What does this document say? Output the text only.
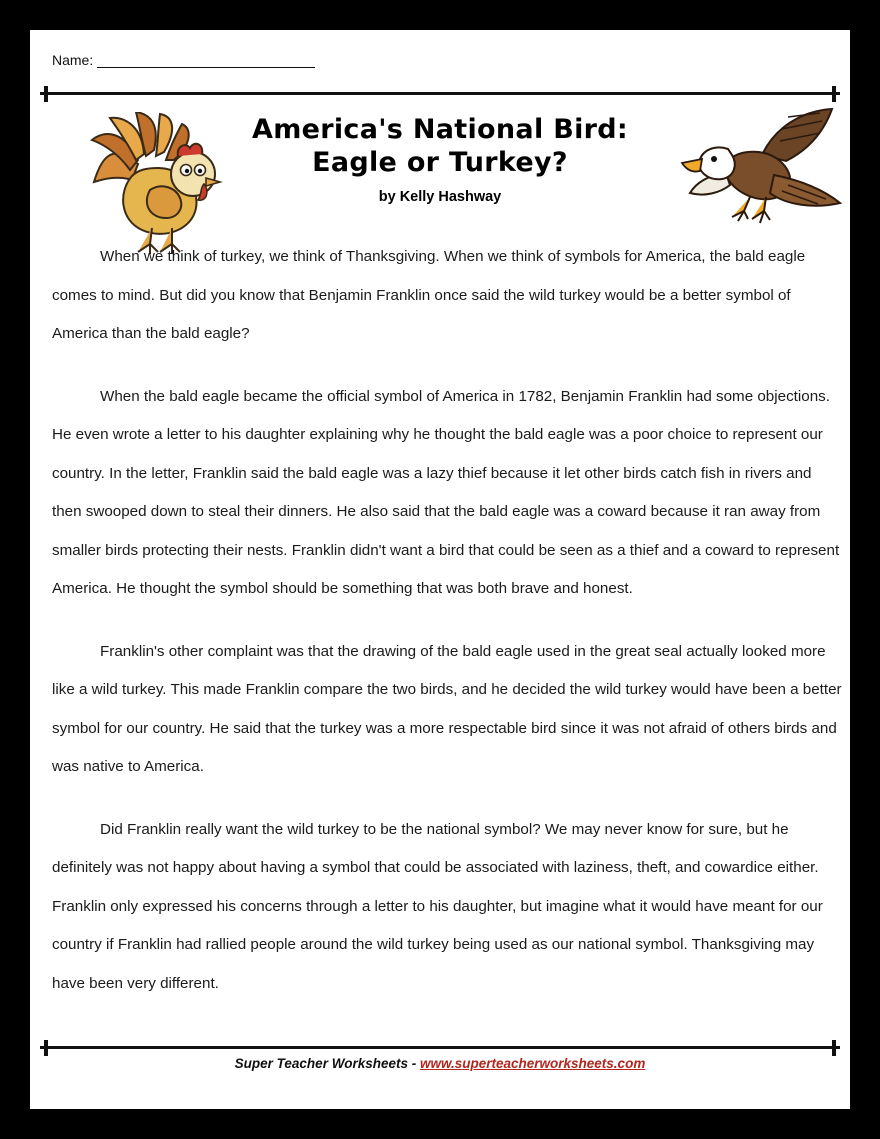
Name:
America's National Bird:
Eagle or Turkey?
by Kelly Hashway

When we think of turkey, we think of Thanksgiving. When we think of symbols for America, the bald eagle comes to mind. But did you know that Benjamin Franklin once said the wild turkey would be a better symbol of America than the bald eagle?

When the bald eagle became the official symbol of America in 1782, Benjamin Franklin had some objections. He even wrote a letter to his daughter explaining why he thought the bald eagle was a poor choice to represent our country. In the letter, Franklin said the bald eagle was a lazy thief because it let other birds catch fish in rivers and then swooped down to steal their dinners. He also said that the bald eagle was a coward because it ran away from smaller birds protecting their nests. Franklin didn't want a bird that could be seen as a thief and a coward to represent America. He thought the symbol should be something that was both brave and honest.

Franklin's other complaint was that the drawing of the bald eagle used in the great seal actually looked more like a wild turkey. This made Franklin compare the two birds, and he decided the wild turkey would have been a better symbol for our country. He said that the turkey was a more respectable bird since it was not afraid of others birds and was native to America.

Did Franklin really want the wild turkey to be the national symbol? We may never know for sure, but he definitely was not happy about having a symbol that could be associated with laziness, theft, and cowardice either. Franklin only expressed his concerns through a letter to his daughter, but imagine what it would have meant for our country if Franklin had rallied people around the wild turkey being used as our national symbol. Thanksgiving may have been very different.

Super Teacher Worksheets - www.superteacherworksheets.com
